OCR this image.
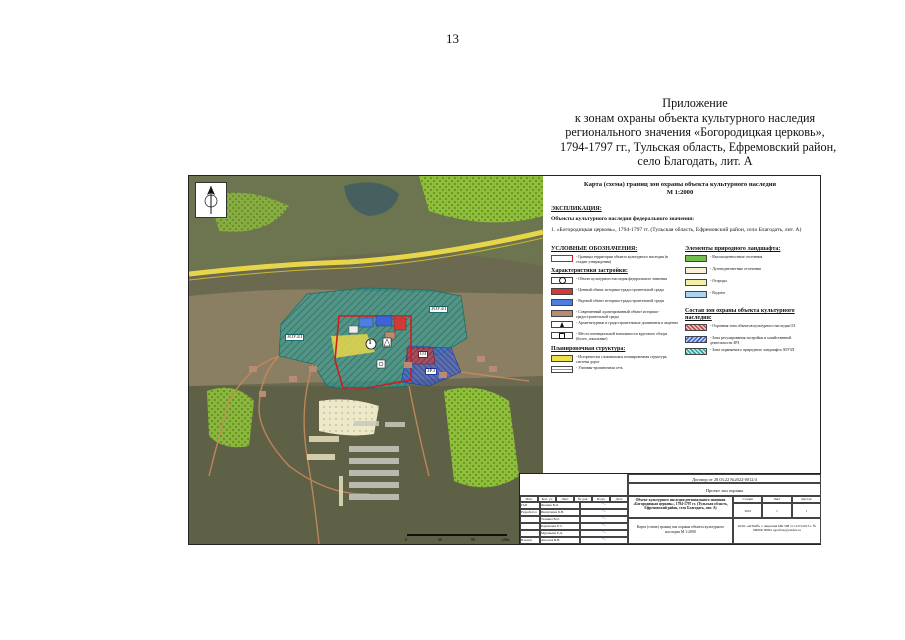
13
Приложение
к зонам охраны объекта культурного наследия
регионального значения «Богородицкая церковь»,
1794-1797 гг., Тульская область, Ефремовский район,
село Благодать, лит. А
ЗОУЗЛ
ЗОУЗЛ
ОЗ
ЗРЗ
1
0	40	80	120м
Карта (схема) границ зон охраны объекта культурного наследия
М 1:2000
ЭКСПЛИКАЦИЯ:
Объекты культурного наследия федерального значения:
1. «Богородицкая церковь», 1794-1797 гг. (Тульская область, Ефремовский район, село Благодать, лит. А)
УСЛОВНЫЕ ОБОЗНАЧЕНИЯ:
- Границы территории объекта культурного наследия (в стадии утверждения)
Характеристики застройки:
- Объект культурного наследия федерального значения
- Ценный объект историко-градостроительной среды
- Рядовой объект историко-градостроительной среды
- Современный адаптированный объект историко-градостроительной среды
- Архитектурные и градостроительные доминанты и акценты
- Места потенциальной возможности кругового обзора (более, локальные)
Планировочная структура:
- Исторически сложившаяся планировочная структура, система дорог
- Уличная-тропиночная сеть
Элементы природного ландшафта:
- Высокоценностные отсечения
- Луговоднесветные отсечения
- Огороды
- Водоем
Состав зон охраны объекта культурного наследия:
- Охранная зона объектов культурного наследия ОЗ
- Зона регулирования застройки и хозяйственной деятельности ЗРЗ
- Зона охраняемого природного ландшафта ЗОУЗЛ
Изм.	Кол. уч	Лист	№ док.	Подп.	Дата
ГАП	Фокина В.О.	〜
Разработал	Ившуткина Б.Н.	〜
Талкина В.О.	〜
Карпычева Е.С.	〜
Муравьева Е.Д.	〜
Н.контр	Антонов В.Н.	〜
Договор от 28.03.22 №2022-0012/4
Проект зон охраны
Объект культурного наследия регионального значения «Богородицкая церковь», 1794-1797 гг. (Тульская область, Ефремовский район, село Благодать, лит. А)
Стадия	Лист	Листов
ЗОО	1	1
Карта (схема) границ зон охраны объекта культурного наследия М 1:2000
ООО «АГРАЙ» г. лицензия МК 598 от 12.03.2013 г. № МКРФ 00861 agraifon@yandex.ru
